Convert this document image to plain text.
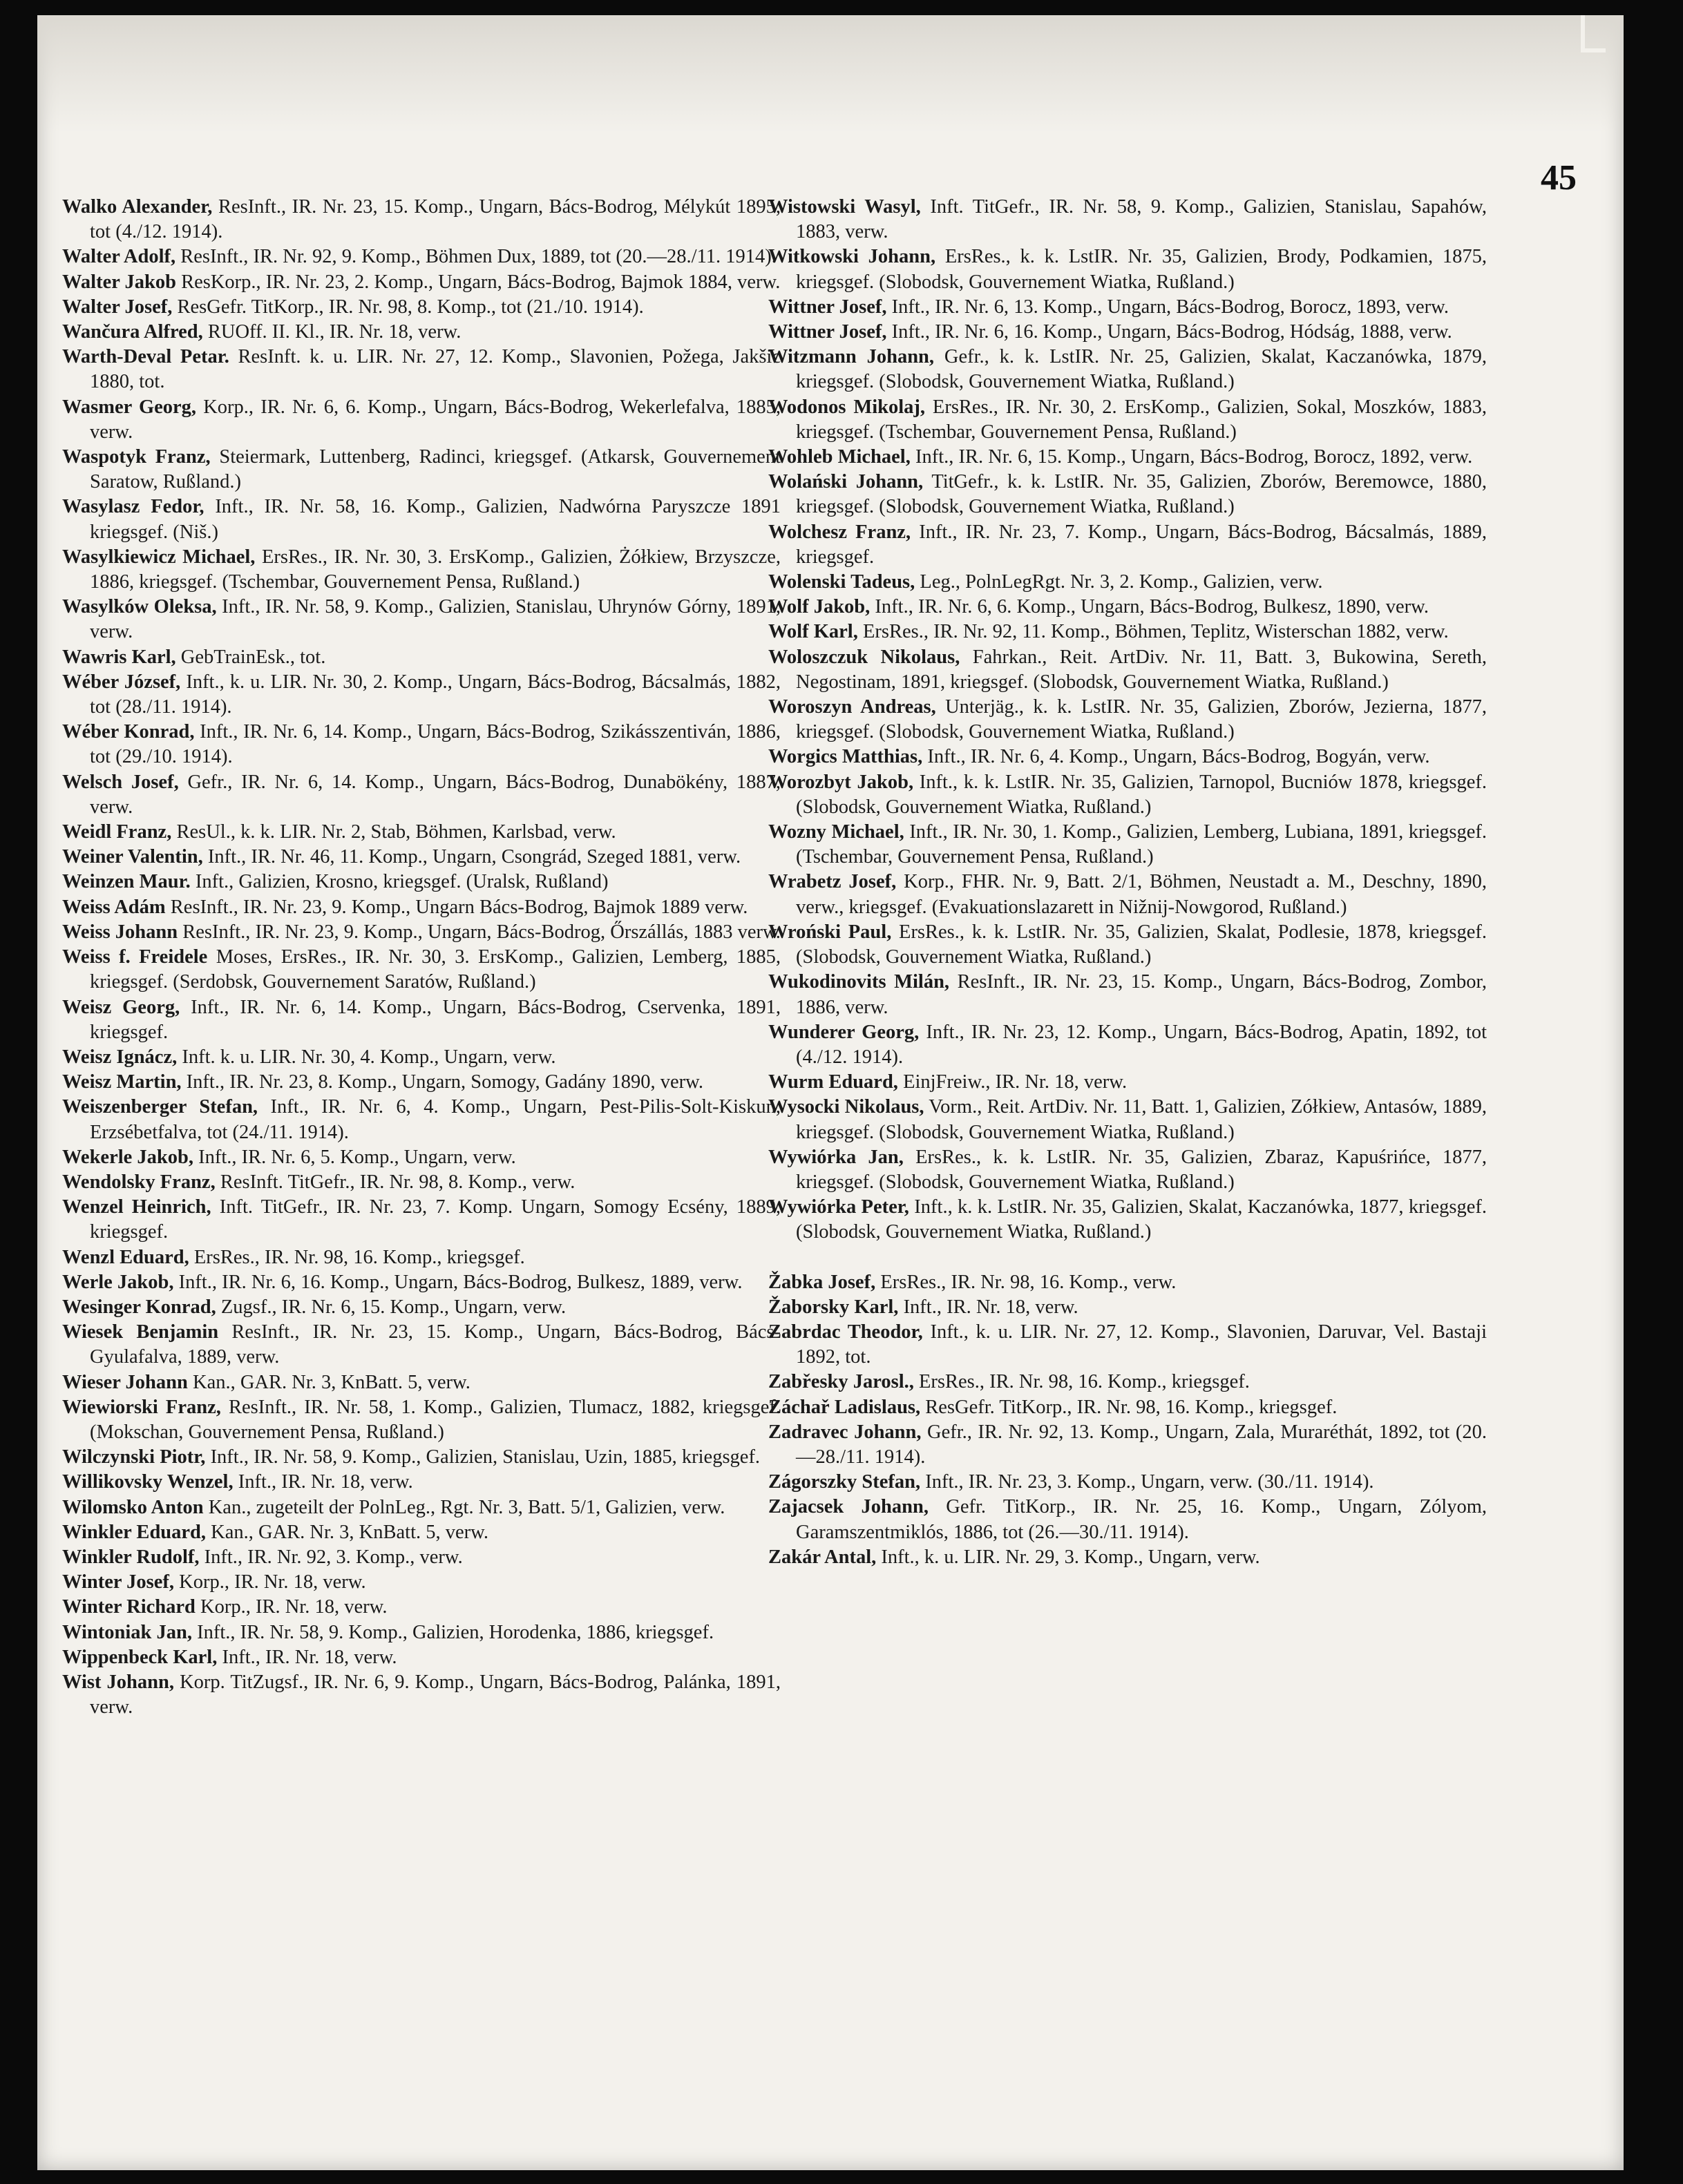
45
Walko Alexander, ResInft., IR. Nr. 23, 15. Komp., Ungarn, Bács-Bodrog, Mélykút 1895, tot (4./12. 1914).
Walter Adolf, ResInft., IR. Nr. 92, 9. Komp., Böhmen Dux, 1889, tot (20.—28./11. 1914).
Walter Jakob ResKorp., IR. Nr. 23, 2. Komp., Ungarn, Bács-Bodrog, Bajmok 1884, verw.
Walter Josef, ResGefr. TitKorp., IR. Nr. 98, 8. Komp., tot (21./10. 1914).
Wančura Alfred, RUOff. II. Kl., IR. Nr. 18, verw.
Warth-Deval Petar. ResInft. k. u. LIR. Nr. 27, 12. Komp., Slavonien, Požega, Jakšic 1880, tot.
Wasmer Georg, Korp., IR. Nr. 6, 6. Komp., Ungarn, Bács-Bodrog, Wekerlefalva, 1885, verw.
Waspotyk Franz, Steiermark, Luttenberg, Radinci, kriegsgef. (Atkarsk, Gouvernement Saratow, Rußland.)
Wasylasz Fedor, Inft., IR. Nr. 58, 16. Komp., Galizien, Nadwórna Paryszcze 1891 kriegsgef. (Niš.)
Wasylkiewicz Michael, ErsRes., IR. Nr. 30, 3. ErsKomp., Galizien, Żółkiew, Brzyszcze, 1886, kriegsgef. (Tschembar, Gouvernement Pensa, Rußland.)
Wasylków Oleksa, Inft., IR. Nr. 58, 9. Komp., Galizien, Stanislau, Uhrynów Górny, 1891, verw.
Wawris Karl, GebTrainEsk., tot.
Wéber József, Inft., k. u. LIR. Nr. 30, 2. Komp., Ungarn, Bács-Bodrog, Bácsalmás, 1882, tot (28./11. 1914).
Wéber Konrad, Inft., IR. Nr. 6, 14. Komp., Ungarn, Bács-Bodrog, Szikásszentiván, 1886, tot (29./10. 1914).
Welsch Josef, Gefr., IR. Nr. 6, 14. Komp., Ungarn, Bács-Bodrog, Dunabökény, 1887, verw.
Weidl Franz, ResUl., k. k. LIR. Nr. 2, Stab, Böhmen, Karlsbad, verw.
Weiner Valentin, Inft., IR. Nr. 46, 11. Komp., Ungarn, Csongrád, Szeged 1881, verw.
Weinzen Maur. Inft., Galizien, Krosno, kriegsgef. (Uralsk, Rußland)
Weiss Adám ResInft., IR. Nr. 23, 9. Komp., Ungarn Bács-Bodrog, Bajmok 1889 verw.
Weiss Johann ResInft., IR. Nr. 23, 9. Komp., Ungarn, Bács-Bodrog, Őrszállás, 1883 verw.
Weiss f. Freidele Moses, ErsRes., IR. Nr. 30, 3. ErsKomp., Galizien, Lemberg, 1885, kriegsgef. (Serdobsk, Gouvernement Saratów, Rußland.)
Weisz Georg, Inft., IR. Nr. 6, 14. Komp., Ungarn, Bács-Bodrog, Cservenka, 1891, kriegsgef.
Weisz Ignácz, Inft. k. u. LIR. Nr. 30, 4. Komp., Ungarn, verw.
Weisz Martin, Inft., IR. Nr. 23, 8. Komp., Ungarn, Somogy, Gadány 1890, verw.
Weiszenberger Stefan, Inft., IR. Nr. 6, 4. Komp., Ungarn, Pest-Pilis-Solt-Kiskun, Erzsébetfalva, tot (24./11. 1914).
Wekerle Jakob, Inft., IR. Nr. 6, 5. Komp., Ungarn, verw.
Wendolsky Franz, ResInft. TitGefr., IR. Nr. 98, 8. Komp., verw.
Wenzel Heinrich, Inft. TitGefr., IR. Nr. 23, 7. Komp. Ungarn, Somogy Ecsény, 1889, kriegsgef.
Wenzl Eduard, ErsRes., IR. Nr. 98, 16. Komp., kriegsgef.
Werle Jakob, Inft., IR. Nr. 6, 16. Komp., Ungarn, Bács-Bodrog, Bulkesz, 1889, verw.
Wesinger Konrad, Zugsf., IR. Nr. 6, 15. Komp., Ungarn, verw.
Wiesek Benjamin ResInft., IR. Nr. 23, 15. Komp., Ungarn, Bács-Bodrog, Bács-Gyulafalva, 1889, verw.
Wieser Johann Kan., GAR. Nr. 3, KnBatt. 5, verw.
Wiewiorski Franz, ResInft., IR. Nr. 58, 1. Komp., Galizien, Tlumacz, 1882, kriegsgef. (Mokschan, Gouvernement Pensa, Rußland.)
Wilczynski Piotr, Inft., IR. Nr. 58, 9. Komp., Galizien, Stanislau, Uzin, 1885, kriegsgef.
Willikovsky Wenzel, Inft., IR. Nr. 18, verw.
Wilomsko Anton Kan., zugeteilt der PolnLeg., Rgt. Nr. 3, Batt. 5/1, Galizien, verw.
Winkler Eduard, Kan., GAR. Nr. 3, KnBatt. 5, verw.
Winkler Rudolf, Inft., IR. Nr. 92, 3. Komp., verw.
Winter Josef, Korp., IR. Nr. 18, verw.
Winter Richard Korp., IR. Nr. 18, verw.
Wintoniak Jan, Inft., IR. Nr. 58, 9. Komp., Galizien, Horodenka, 1886, kriegsgef.
Wippenbeck Karl, Inft., IR. Nr. 18, verw.
Wist Johann, Korp. TitZugsf., IR. Nr. 6, 9. Komp., Ungarn, Bács-Bodrog, Palánka, 1891, verw.
Wistowski Wasyl, Inft. TitGefr., IR. Nr. 58, 9. Komp., Galizien, Stanislau, Sapahów, 1883, verw.
Witkowski Johann, ErsRes., k. k. LstIR. Nr. 35, Galizien, Brody, Podkamien, 1875, kriegsgef. (Slobodsk, Gouvernement Wiatka, Rußland.)
Wittner Josef, Inft., IR. Nr. 6, 13. Komp., Ungarn, Bács-Bodrog, Borocz, 1893, verw.
Wittner Josef, Inft., IR. Nr. 6, 16. Komp., Ungarn, Bács-Bodrog, Hódság, 1888, verw.
Witzmann Johann, Gefr., k. k. LstIR. Nr. 25, Galizien, Skalat, Kaczanówka, 1879, kriegsgef. (Slobodsk, Gouvernement Wiatka, Rußland.)
Wodonos Mikolaj, ErsRes., IR. Nr. 30, 2. ErsKomp., Galizien, Sokal, Moszków, 1883, kriegsgef. (Tschembar, Gouvernement Pensa, Rußland.)
Wohleb Michael, Inft., IR. Nr. 6, 15. Komp., Ungarn, Bács-Bodrog, Borocz, 1892, verw.
Wolański Johann, TitGefr., k. k. LstIR. Nr. 35, Galizien, Zborów, Beremowce, 1880, kriegsgef. (Slobodsk, Gouvernement Wiatka, Rußland.)
Wolchesz Franz, Inft., IR. Nr. 23, 7. Komp., Ungarn, Bács-Bodrog, Bácsalmás, 1889, kriegsgef.
Wolenski Tadeus, Leg., PolnLegRgt. Nr. 3, 2. Komp., Galizien, verw.
Wolf Jakob, Inft., IR. Nr. 6, 6. Komp., Ungarn, Bács-Bodrog, Bulkesz, 1890, verw.
Wolf Karl, ErsRes., IR. Nr. 92, 11. Komp., Böhmen, Teplitz, Wisterschan 1882, verw.
Woloszczuk Nikolaus, Fahrkan., Reit. ArtDiv. Nr. 11, Batt. 3, Bukowina, Sereth, Negostinam, 1891, kriegsgef. (Slobodsk, Gouvernement Wiatka, Rußland.)
Woroszyn Andreas, Unterjäg., k. k. LstIR. Nr. 35, Galizien, Zborów, Jezierna, 1877, kriegsgef. (Slobodsk, Gouvernement Wiatka, Rußland.)
Worgics Matthias, Inft., IR. Nr. 6, 4. Komp., Ungarn, Bács-Bodrog, Bogyán, verw.
Worozbyt Jakob, Inft., k. k. LstIR. Nr. 35, Galizien, Tarnopol, Bucniów 1878, kriegsgef. (Slobodsk, Gouvernement Wiatka, Rußland.)
Wozny Michael, Inft., IR. Nr. 30, 1. Komp., Galizien, Lemberg, Lubiana, 1891, kriegsgef. (Tschembar, Gouvernement Pensa, Rußland.)
Wrabetz Josef, Korp., FHR. Nr. 9, Batt. 2/1, Böhmen, Neustadt a. M., Deschny, 1890, verw., kriegsgef. (Evakuationslazarett in Nižnij-Nowgorod, Rußland.)
Wroński Paul, ErsRes., k. k. LstIR. Nr. 35, Galizien, Skalat, Podlesie, 1878, kriegsgef. (Slobodsk, Gouvernement Wiatka, Rußland.)
Wukodinovits Milán, ResInft., IR. Nr. 23, 15. Komp., Ungarn, Bács-Bodrog, Zombor, 1886, verw.
Wunderer Georg, Inft., IR. Nr. 23, 12. Komp., Ungarn, Bács-Bodrog, Apatin, 1892, tot (4./12. 1914).
Wurm Eduard, EinjFreiw., IR. Nr. 18, verw.
Wysocki Nikolaus, Vorm., Reit. ArtDiv. Nr. 11, Batt. 1, Galizien, Zółkiew, Antasów, 1889, kriegsgef. (Slobodsk, Gouvernement Wiatka, Rußland.)
Wywiórka Jan, ErsRes., k. k. LstIR. Nr. 35, Galizien, Zbaraz, Kapuśrińce, 1877, kriegsgef. (Slobodsk, Gouvernement Wiatka, Rußland.)
Wywiórka Peter, Inft., k. k. LstIR. Nr. 35, Galizien, Skalat, Kaczanówka, 1877, kriegsgef. (Slobodsk, Gouvernement Wiatka, Rußland.)
Žabka Josef, ErsRes., IR. Nr. 98, 16. Komp., verw.
Žaborsky Karl, Inft., IR. Nr. 18, verw.
Zabrdac Theodor, Inft., k. u. LIR. Nr. 27, 12. Komp., Slavonien, Daruvar, Vel. Bastaji 1892, tot.
Zabřesky Jarosl., ErsRes., IR. Nr. 98, 16. Komp., kriegsgef.
Záchař Ladislaus, ResGefr. TitKorp., IR. Nr. 98, 16. Komp., kriegsgef.
Zadravec Johann, Gefr., IR. Nr. 92, 13. Komp., Ungarn, Zala, Muraréthát, 1892, tot (20.—28./11. 1914).
Zágorszky Stefan, Inft., IR. Nr. 23, 3. Komp., Ungarn, verw. (30./11. 1914).
Zajacsek Johann, Gefr. TitKorp., IR. Nr. 25, 16. Komp., Ungarn, Zólyom, Garamszentmiklós, 1886, tot (26.—30./11. 1914).
Zakár Antal, Inft., k. u. LIR. Nr. 29, 3. Komp., Ungarn, verw.
